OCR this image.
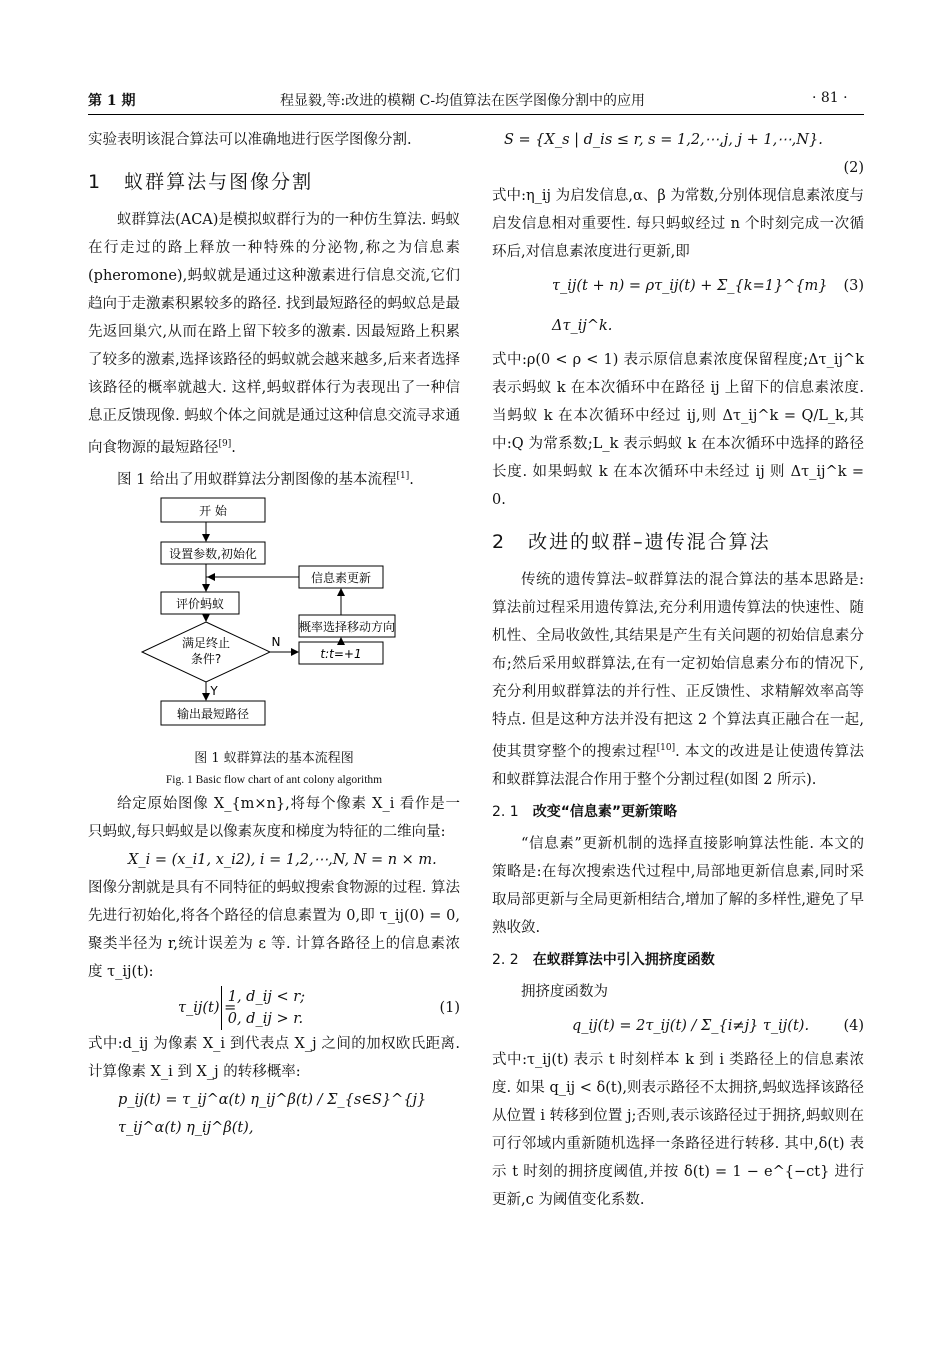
第 1 期	程显毅,等:改进的模糊 C-均值算法在医学图像分割中的应用	· 81 ·

实验表明该混合算法可以准确地进行医学图像分割.

1 蚁群算法与图像分割

蚁群算法(ACA)是模拟蚁群行为的一种仿生算法. 蚂蚁在行走过的路上释放一种特殊的分泌物,称之为信息素(pheromone),蚂蚁就是通过这种激素进行信息交流,它们趋向于走激素积累较多的路径. 找到最短路径的蚂蚁总是最先返回巢穴,从而在路上留下较多的激素. 因最短路上积累了较多的激素,选择该路径的蚂蚁就会越来越多,后来者选择该路径的概率就越大. 这样,蚂蚁群体行为表现出了一种信息正反馈现像. 蚂蚁个体之间就是通过这种信息交流寻求通向食物源的最短路径[9].

图 1 给出了用蚁群算法分割图像的基本流程[1].

开 始
设置参数,初始化
评价蚂蚁
满足终止
条件?
N
Y
输出最短路径
信息素更新
概率选择移动方向
t:t=+1
图 1 蚁群算法的基本流程图
Fig. 1 Basic flow chart of ant colony algorithm

给定原始图像 X_{m×n},将每个像素 X_i 看作是一只蚂蚁,每只蚂蚁是以像素灰度和梯度为特征的二维向量:

X_i = (x_i1, x_i2), i = 1,2,⋯,N, N = n × m.

图像分割就是具有不同特征的蚂蚁搜索食物源的过程. 算法先进行初始化,将各个路径的信息素置为 0,即 τ_ij(0) = 0,聚类半径为 r,统计误差为 ε 等. 计算各路径上的信息素浓度 τ_ij(t):

τ_ij(t) =
1, d_ij < r;
0, d_ij > r.
(1)

式中:d_ij 为像素 X_i 到代表点 X_j 之间的加权欧氏距离. 计算像素 X_i 到 X_j 的转移概率:

p_ij(t) = τ_ij^α(t) η_ij^β(t) / Σ_{s∈S}^{j} τ_ij^α(t) η_ij^β(t),
S = {X_s | d_is ≤ r, s = 1,2,⋯,j, j + 1,⋯,N}.
(2)

式中:η_ij 为启发信息,α、β 为常数,分别体现信息素浓度与启发信息相对重要性. 每只蚂蚁经过 n 个时刻完成一次循环后,对信息素浓度进行更新,即

τ_ij(t + n) = ρτ_ij(t) + Σ_{k=1}^{m} Δτ_ij^k.
(3)

式中:ρ(0 < ρ < 1) 表示原信息素浓度保留程度;Δτ_ij^k 表示蚂蚁 k 在本次循环中在路径 ij 上留下的信息素浓度. 当蚂蚁 k 在本次循环中经过 ij,则 Δτ_ij^k = Q/L_k,其中:Q 为常系数;L_k 表示蚂蚁 k 在本次循环中选择的路径长度. 如果蚂蚁 k 在本次循环中未经过 ij 则 Δτ_ij^k = 0.

2 改进的蚁群–遗传混合算法

传统的遗传算法–蚁群算法的混合算法的基本思路是:算法前过程采用遗传算法,充分利用遗传算法的快速性、随机性、全局收敛性,其结果是产生有关问题的初始信息素分布;然后采用蚁群算法,在有一定初始信息素分布的情况下,充分利用蚁群算法的并行性、正反馈性、求精解效率高等特点. 但是这种方法并没有把这 2 个算法真正融合在一起,使其贯穿整个的搜索过程[10]. 本文的改进是让使遗传算法和蚁群算法混合作用于整个分割过程(如图 2 所示).

2. 1 改变“信息素”更新策略

“信息素”更新机制的选择直接影响算法性能. 本文的策略是:在每次搜索迭代过程中,局部地更新信息素,同时采取局部更新与全局更新相结合,增加了解的多样性,避免了早熟收敛.

2. 2 在蚁群算法中引入拥挤度函数

拥挤度函数为

q_ij(t) = 2τ_ij(t) / Σ_{i≠j} τ_ij(t). (4)

式中:τ_ij(t) 表示 t 时刻样本 k 到 i 类路径上的信息素浓度. 如果 q_ij < δ(t),则表示路径不太拥挤,蚂蚁选择该路径从位置 i 转移到位置 j;否则,表示该路径过于拥挤,蚂蚁则在可行邻域内重新随机选择一条路径进行转移. 其中,δ(t) 表示 t 时刻的拥挤度阈值,并按 δ(t) = 1 − e^{−ct} 进行更新,c 为阈值变化系数.
